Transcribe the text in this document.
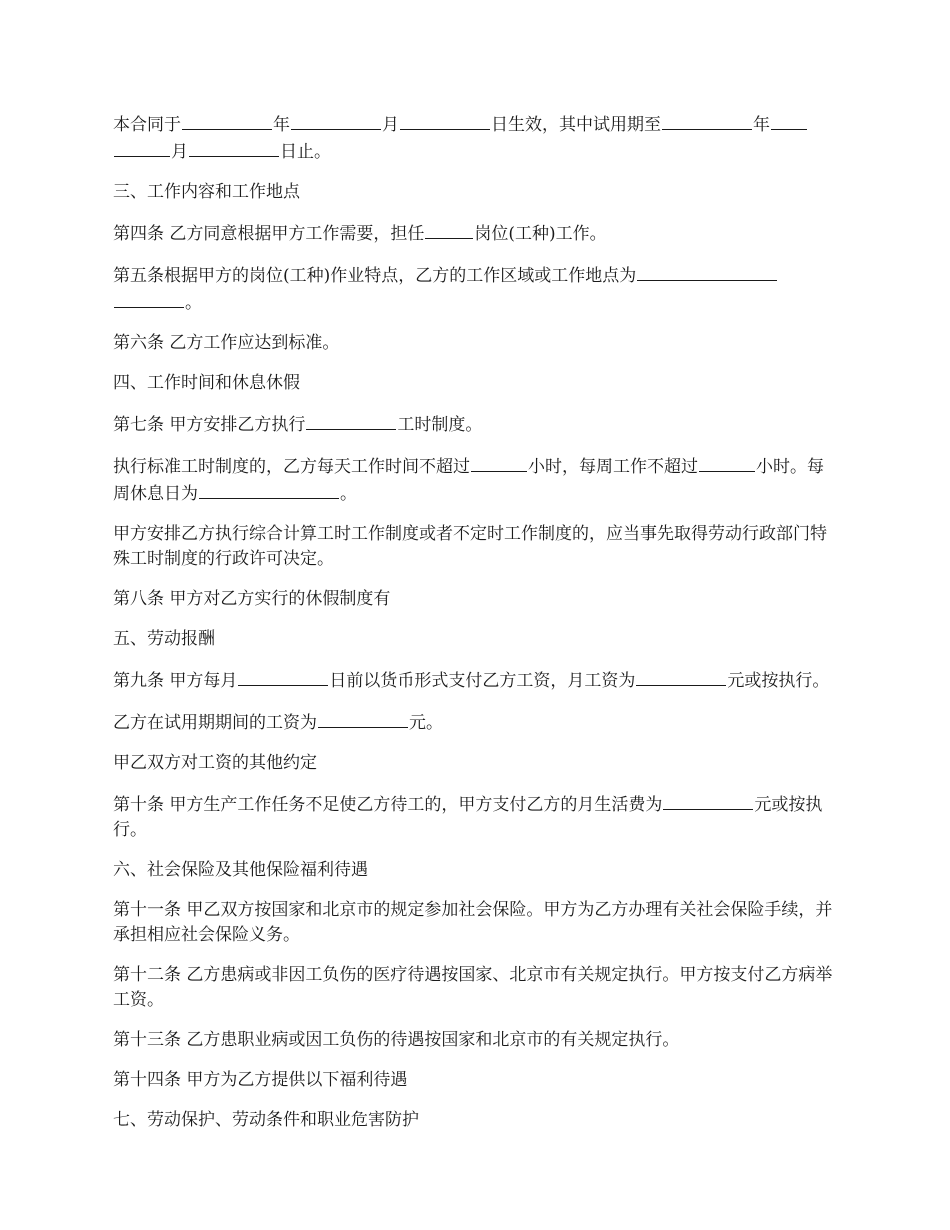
本合同于	年	月	日生效，其中试用期至	年月	日止。

三、工作内容和工作地点

第四条 乙方同意根据甲方工作需要，担任	岗位(工种)工作。

第五条根据甲方的岗位(工种)作业特点，乙方的工作区域或工作地点为。

第六条 乙方工作应达到标准。

四、工作时间和休息休假

第七条 甲方安排乙方执行	工时制度。

执行标准工时制度的，乙方每天工作时间不超过	小时，每周工作不超过	小时。每周休息日为	。

甲方安排乙方执行综合计算工时工作制度或者不定时工作制度的，应当事先取得劳动行政部门特殊工时制度的行政许可决定。

第八条 甲方对乙方实行的休假制度有

五、劳动报酬

第九条 甲方每月	日前以货币形式支付乙方工资，月工资为	元或按执行。

乙方在试用期期间的工资为	元。

甲乙双方对工资的其他约定

第十条 甲方生产工作任务不足使乙方待工的，甲方支付乙方的月生活费为	元或按执行。

六、社会保险及其他保险福利待遇

第十一条 甲乙双方按国家和北京市的规定参加社会保险。甲方为乙方办理有关社会保险手续，并承担相应社会保险义务。

第十二条 乙方患病或非因工负伤的医疗待遇按国家、北京市有关规定执行。甲方按支付乙方病举工资。

第十三条 乙方患职业病或因工负伤的待遇按国家和北京市的有关规定执行。

第十四条 甲方为乙方提供以下福利待遇

七、劳动保护、劳动条件和职业危害防护
